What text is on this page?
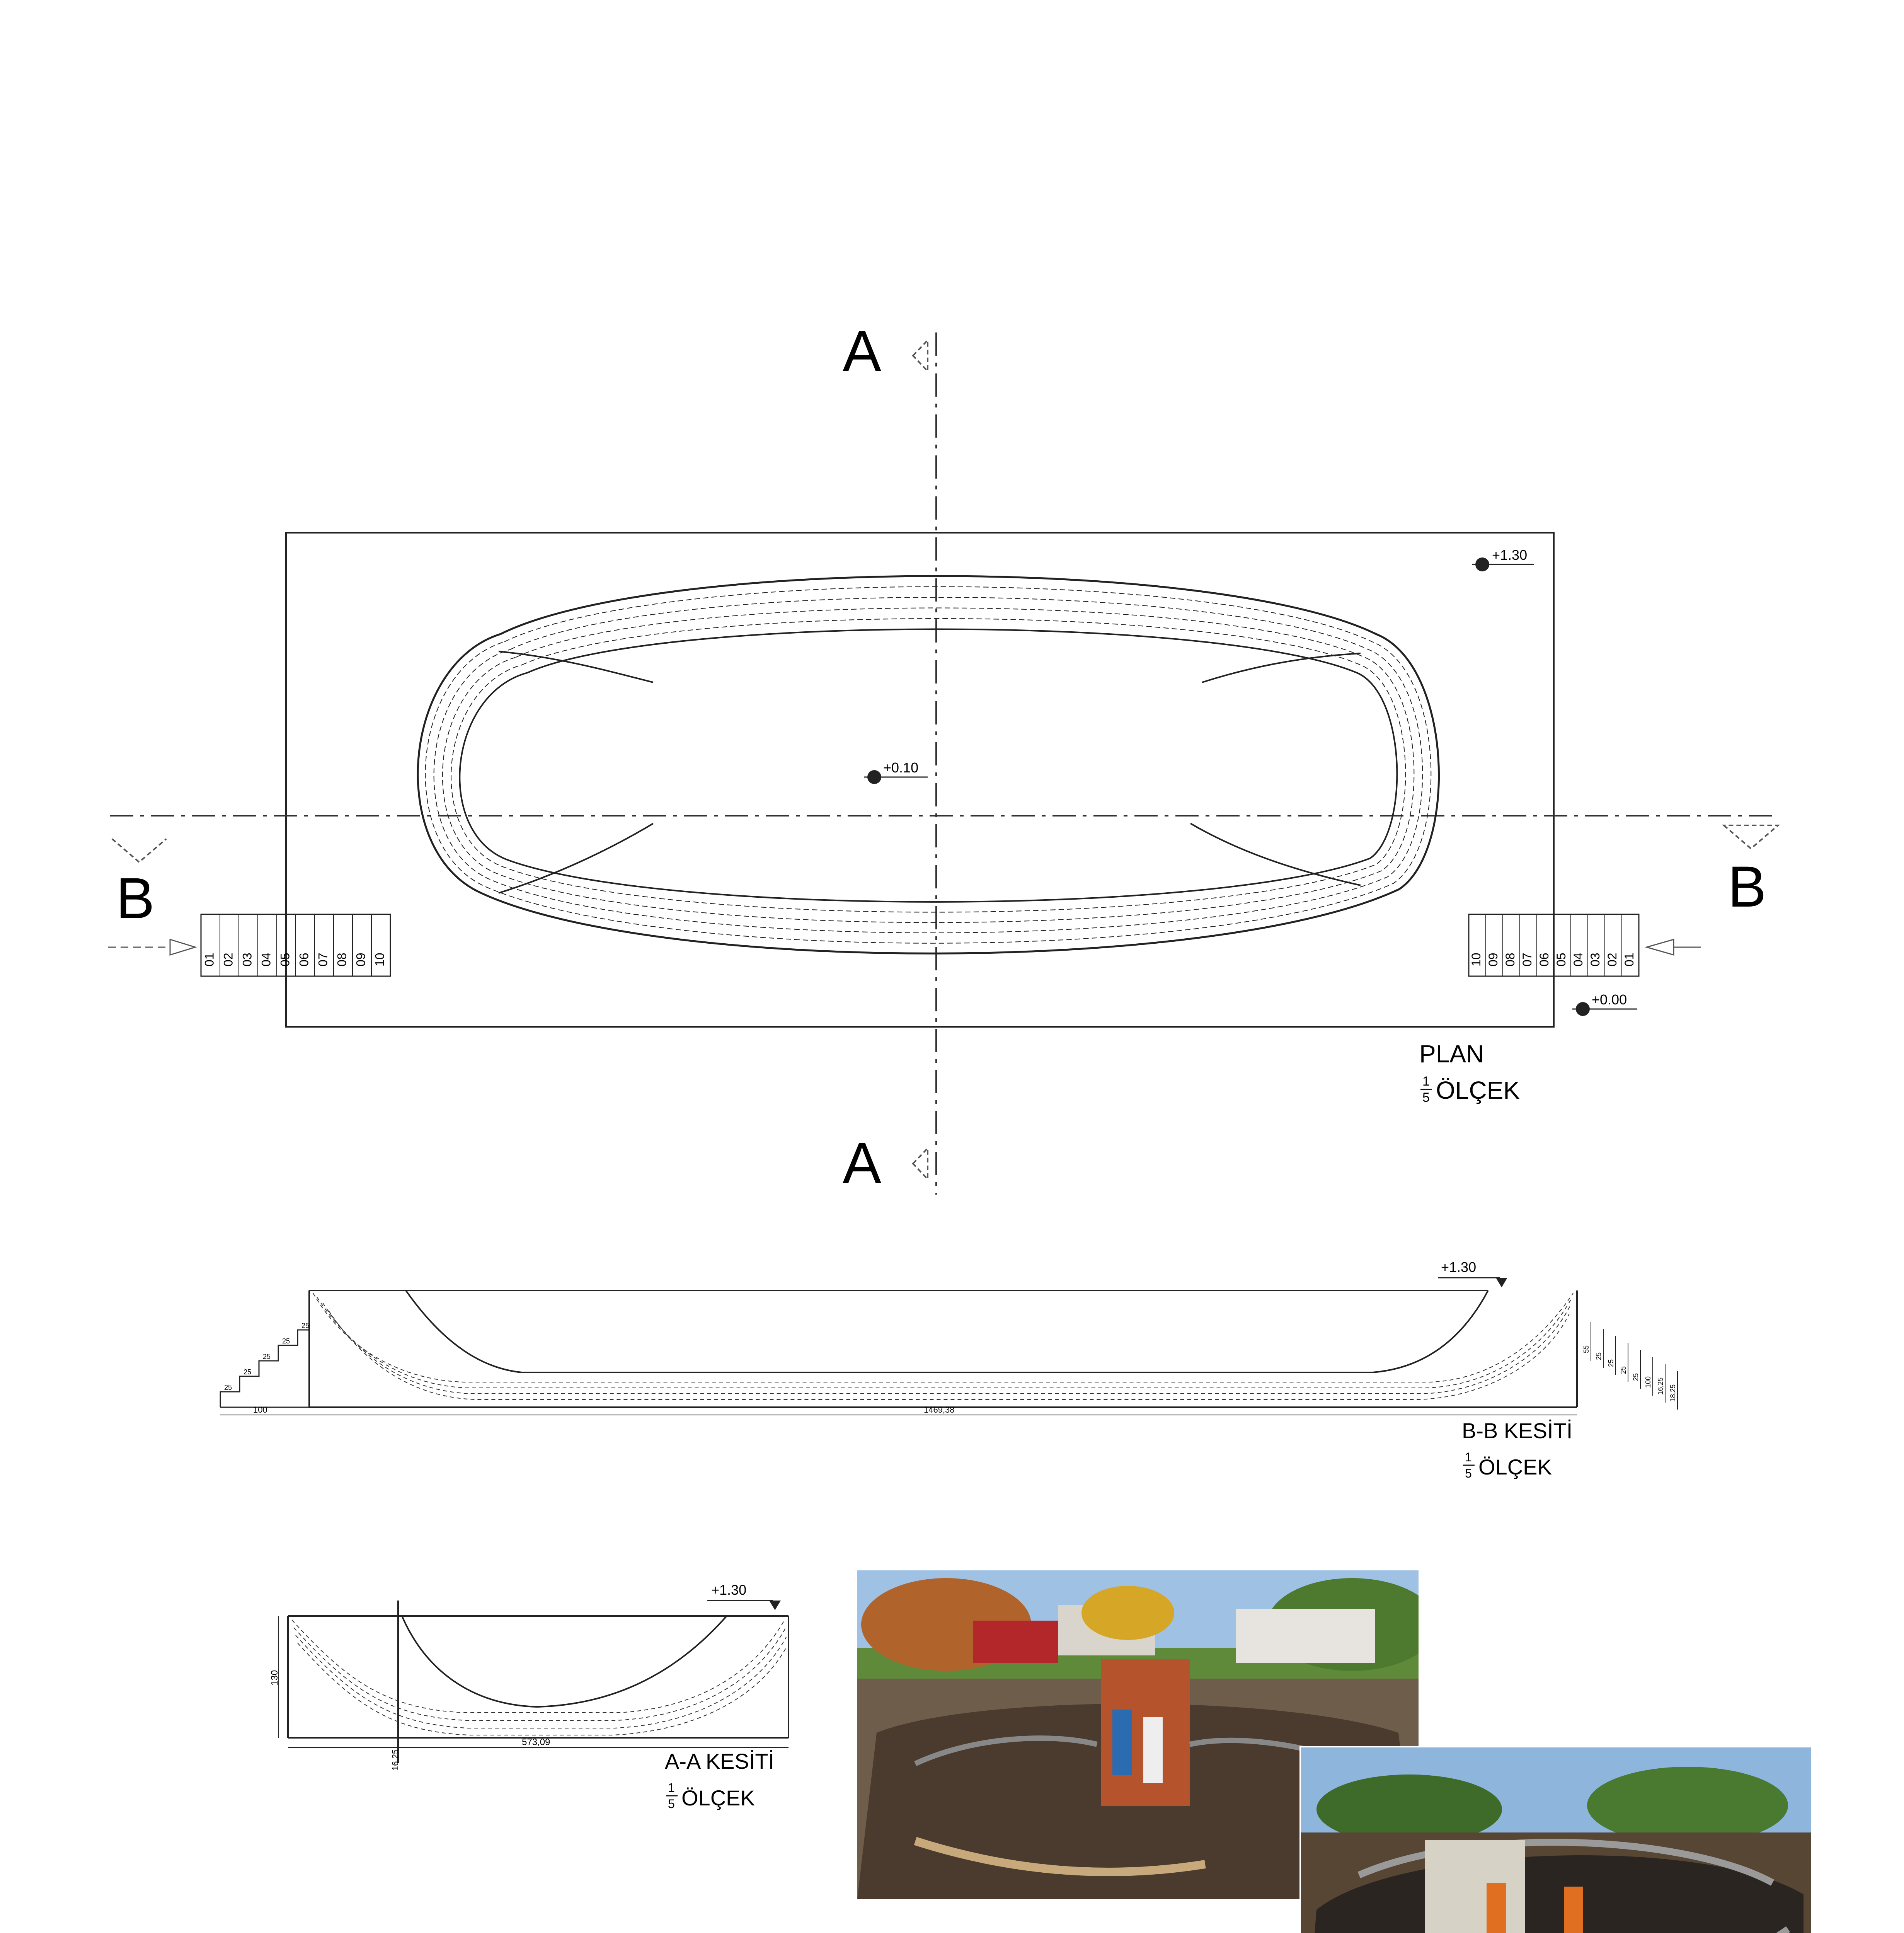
A
A
B	B
+1.30
+0.10
+0.00
01 02 03 04 05 06 07 08 09 10	10 09 08 07 06 05 04 03 02 01
PLAN
1
5 ÖLÇEK
25
25
25
25
25
100	1469,38
55
25
25
25
25 100 16,25 18,25
+1.30
B-B KESİTİ
1
5 ÖLÇEK
130
573,09
16,25
+1.30
A-A KESİTİ
1
5 ÖLÇEK
